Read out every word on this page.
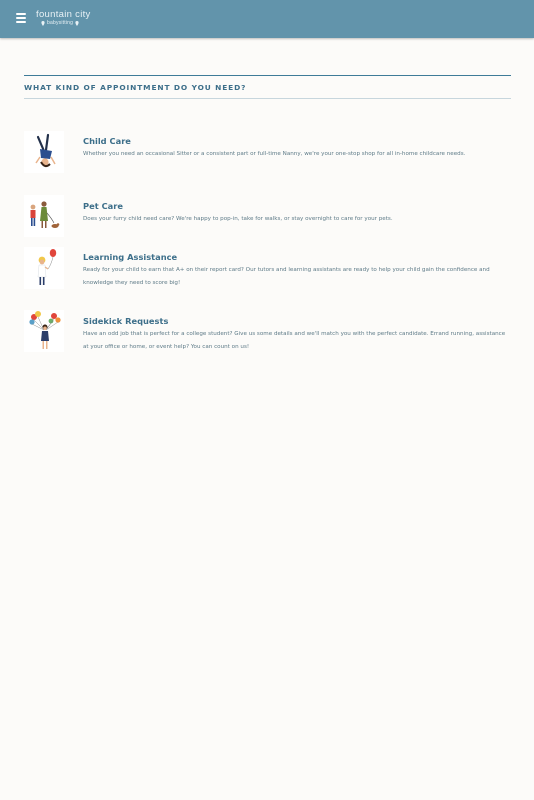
fountain city
babysitting
WHAT KIND OF APPOINTMENT DO YOU NEED?
Child Care
Whether you need an occasional Sitter or a consistent part or full-time Nanny, we're your one-stop shop for all in-home childcare needs.
Pet Care
Does your furry child need care? We're happy to pop-in, take for walks, or stay overnight to care for your pets.
Learning Assistance
Ready for your child to earn that A+ on their report card? Our tutors and learning assistants are ready to help your child gain the confidence and knowledge they need to score big!
Sidekick Requests
Have an odd job that is perfect for a college student? Give us some details and we'll match you with the perfect candidate. Errand running, assistance at your office or home, or event help? You can count on us!
